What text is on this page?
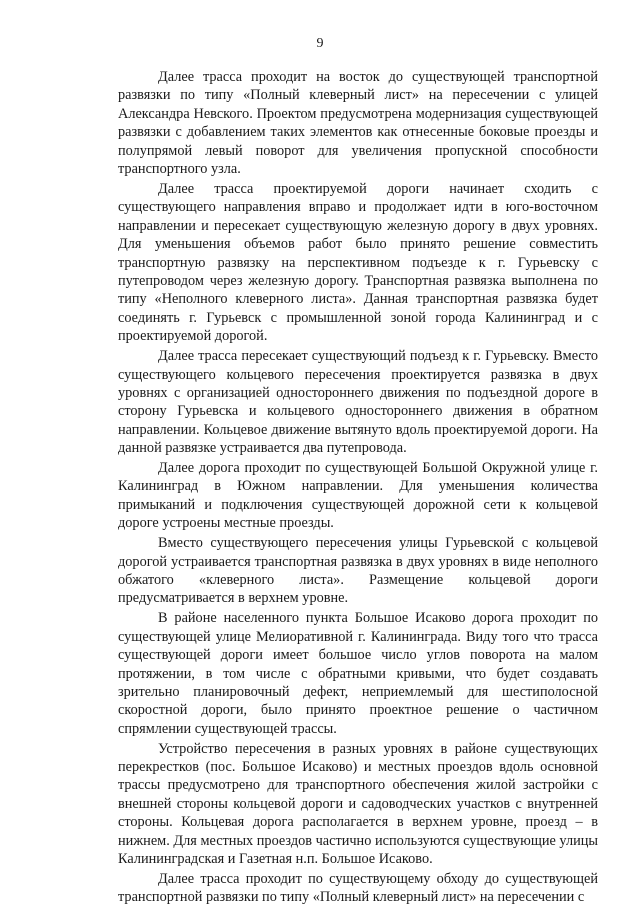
9

Далее трасса проходит на восток до существующей транспортной развязки по типу «Полный клеверный лист» на пересечении с улицей Александра Невского. Проектом предусмотрена модернизация существующей развязки с добавлением таких элементов как отнесенные боковые проезды и полупрямой левый поворот для увеличения пропускной способности транспортного узла.

Далее трасса проектируемой дороги начинает сходить с существующего направления вправо и продолжает идти в юго-восточном направлении и пересекает существующую железную дорогу в двух уровнях. Для уменьшения объемов работ было принято решение совместить транспортную развязку на перспективном подъезде к г. Гурьевску с путепроводом через железную дорогу. Транспортная развязка выполнена по типу «Неполного клеверного листа». Данная транспортная развязка будет соединять г. Гурьевск с промышленной зоной города Калининград и с проектируемой дорогой.

Далее трасса пересекает существующий подъезд к г. Гурьевску. Вместо существующего кольцевого пересечения проектируется развязка в двух уровнях с организацией одностороннего движения по подъездной дороге в сторону Гурьевска и кольцевого одностороннего движения в обратном направлении. Кольцевое движение вытянуто вдоль проектируемой дороги. На данной развязке устраивается два путепровода.

Далее дорога проходит по существующей Большой Окружной улице г. Калининград в Южном направлении. Для уменьшения количества примыканий и подключения существующей дорожной сети к кольцевой дороге устроены местные проезды.

Вместо существующего пересечения улицы Гурьевской с кольцевой дорогой устраивается транспортная развязка в двух уровнях в виде неполного обжатого «клеверного листа». Размещение кольцевой дороги предусматривается в верхнем уровне.

В районе населенного пункта Большое Исаково дорога проходит по существующей улице Мелиоративной г. Калининграда. Виду того что трасса существующей дороги имеет большое число углов поворота на малом протяжении, в том числе с обратными кривыми, что будет создавать зрительно планировочный дефект, неприемлемый для шестиполосной скоростной дороги, было принято проектное решение о частичном спрямлении существующей трассы.

Устройство пересечения в разных уровнях в районе существующих перекрестков (пос. Большое Исаково) и местных проездов вдоль основной трассы предусмотрено для транспортного обеспечения жилой застройки с внешней стороны кольцевой дороги и садоводческих участков с внутренней стороны. Кольцевая дорога располагается в верхнем уровне, проезд – в нижнем. Для местных проездов частично используются существующие улицы Калининградская и Газетная н.п. Большое Исаково.

Далее трасса проходит по существующему обходу до существующей транспортной развязки по типу «Полный клеверный лист» на пересечении с
